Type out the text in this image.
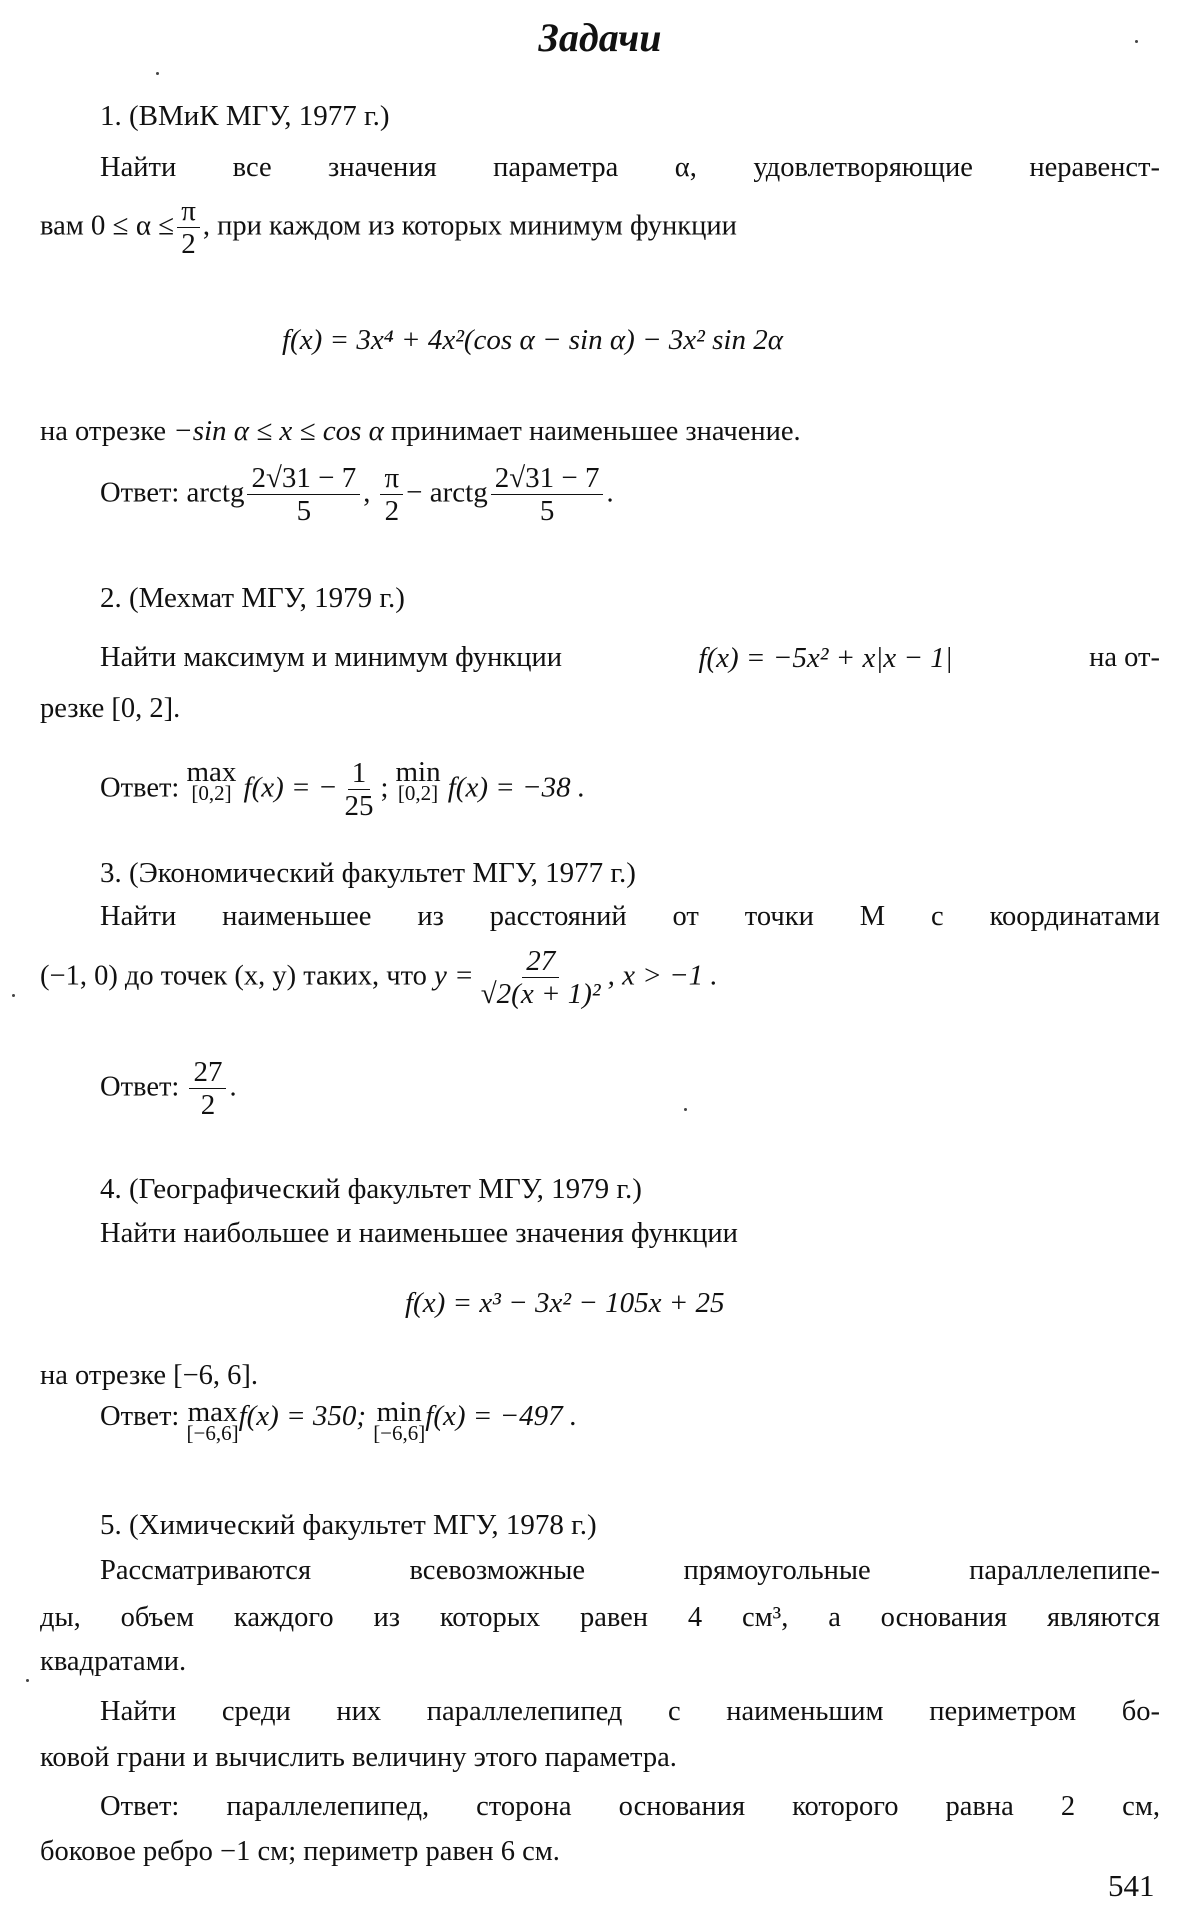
Задачи
1. (ВМиК МГУ, 1977 г.)
Найти все значения параметра α, удовлетворяющие неравенст-
вам $0 \le \alpha \le \frac{\pi}{2}$ , при каждом из которых минимум функции
f(x) = 3x⁴ + 4x²(cos α − sin α) − 3x² sin 2α
на отрезке −sin α ≤ x ≤ cos α принимает наименьшее значение.
Ответ: arctg $\frac{2√31 - 7}{5}$ , $\frac{\pi}{2}$ − arctg $\frac{2√31 - 7}{5}$ .
2. (Мехмат МГУ, 1979 г.)
Найти максимум и минимум функции	f(x) = −5x² + x|x − 1|	на от-
резке [0, 2].
Ответ: max
[0,2] f(x) = − $\frac{1}{25}$ ; min
[0,2] f(x) = −38 .
3. (Экономический факультет МГУ, 1977 г.)
Найти наименьшее из расстояний от точки M с координатами
(−1, 0) до точек (x, y) таких, что $y = \frac{27}{\text{√2(x + 1)²}}$ , x > −1 .
Ответ: $\frac{27}{2}$ .
4. (Географический факультет МГУ, 1979 г.)
Найти наибольшее и наименьшее значения функции
f(x) = x³ − 3x² − 105x + 25
на отрезке [−6, 6].
Ответ: max
[−6,6]
f(x) = 350; min
[−6,6]
f(x) = −497 .
5. (Химический факультет МГУ, 1978 г.)
Рассматриваются всевозможные прямоугольные параллелепипе-
ды, объем каждого из которых равен 4 см³, а основания являются
квадратами.
Найти среди них параллелепипед с наименьшим периметром бо-
ковой грани и вычислить величину этого параметра.
Ответ: параллелепипед, сторона основания которого равна 2 см,
боковое ребро −1 см; периметр равен 6 см.
541
